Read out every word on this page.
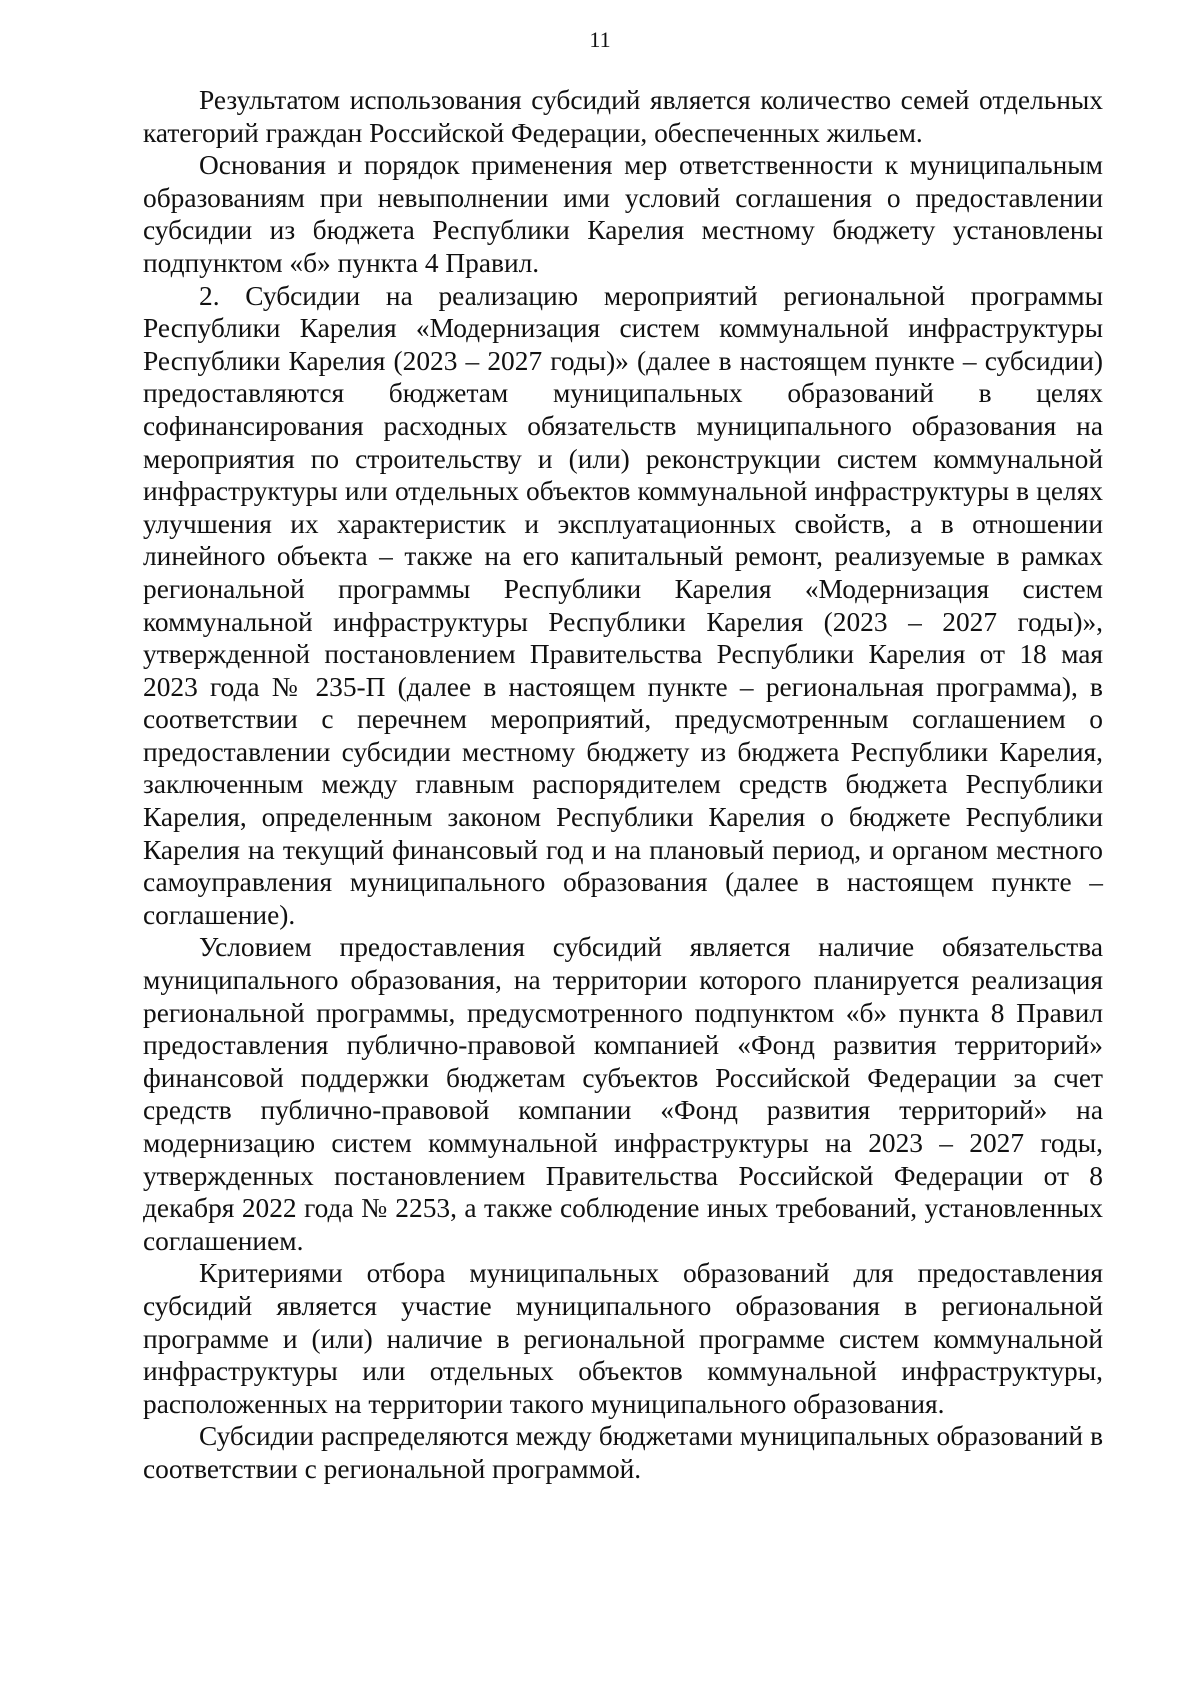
11

Результатом использования субсидий является количество семей отдельных категорий граждан Российской Федерации, обеспеченных жильем.

Основания и порядок применения мер ответственности к муниципальным образованиям при невыполнении ими условий соглашения о предоставлении субсидии из бюджета Республики Карелия местному бюджету установлены подпунктом «б» пункта 4 Правил.

2. Субсидии на реализацию мероприятий региональной программы Республики Карелия «Модернизация систем коммунальной инфраструктуры Республики Карелия (2023 – 2027 годы)» (далее в настоящем пункте – субсидии) предоставляются бюджетам муниципальных образований в целях софинансирования расходных обязательств муниципального образования на мероприятия по строительству и (или) реконструкции систем коммунальной инфраструктуры или отдельных объектов коммунальной инфраструктуры в целях улучшения их характеристик и эксплуатационных свойств, а в отношении линейного объекта – также на его капитальный ремонт, реализуемые в рамках региональной программы Республики Карелия «Модернизация систем коммунальной инфраструктуры Республики Карелия (2023 – 2027 годы)», утвержденной постановлением Правительства Республики Карелия от 18 мая 2023 года № 235-П (далее в настоящем пункте – региональная программа), в соответствии с перечнем мероприятий, предусмотренным соглашением о предоставлении субсидии местному бюджету из бюджета Республики Карелия, заключенным между главным распорядителем средств бюджета Республики Карелия, определенным законом Республики Карелия о бюджете Республики Карелия на текущий финансовый год и на плановый период, и органом местного самоуправления муниципального образования (далее в настоящем пункте – соглашение).

Условием предоставления субсидий является наличие обязательства муниципального образования, на территории которого планируется реализация региональной программы, предусмотренного подпунктом «б» пункта 8 Правил предоставления публично-правовой компанией «Фонд развития территорий» финансовой поддержки бюджетам субъектов Российской Федерации за счет средств публично-правовой компании «Фонд развития территорий» на модернизацию систем коммунальной инфраструктуры на 2023 – 2027 годы, утвержденных постановлением Правительства Российской Федерации от 8 декабря 2022 года № 2253, а также соблюдение иных требований, установленных соглашением.

Критериями отбора муниципальных образований для предоставления субсидий является участие муниципального образования в региональной программе и (или) наличие в региональной программе систем коммунальной инфраструктуры или отдельных объектов коммунальной инфраструктуры, расположенных на территории такого муниципального образования.

Субсидии распределяются между бюджетами муниципальных образований в соответствии с региональной программой.
